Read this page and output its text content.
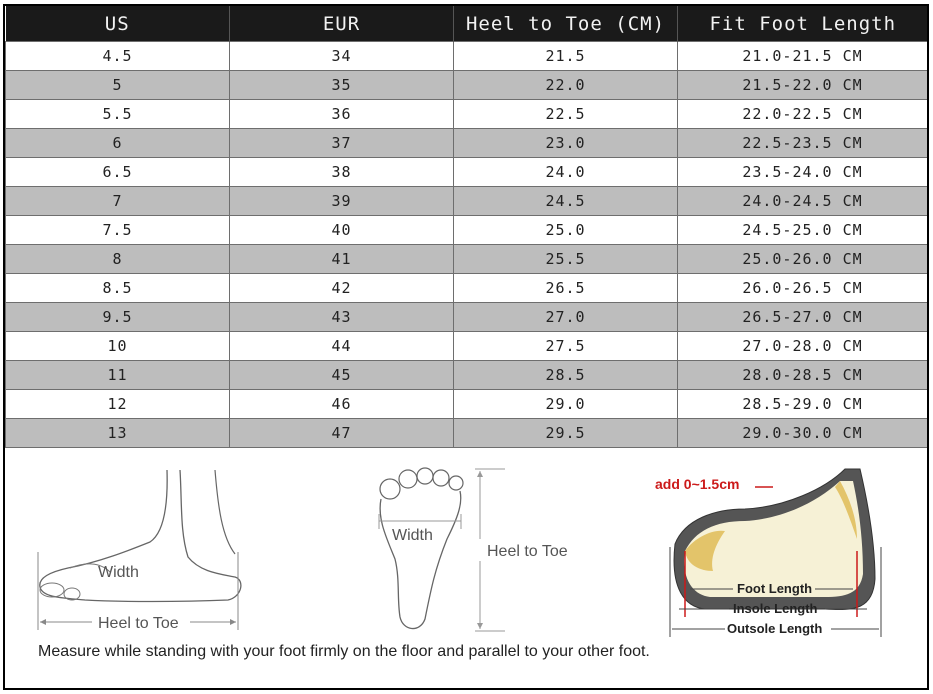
US	EUR	Heel to Toe (CM)	Fit Foot Length
4.5	34	21.5	21.0-21.5 CM
5	35	22.0	21.5-22.0 CM
5.5	36	22.5	22.0-22.5 CM
6	37	23.0	22.5-23.5 CM
6.5	38	24.0	23.5-24.0 CM
7	39	24.5	24.0-24.5 CM
7.5	40	25.0	24.5-25.0 CM
8	41	25.5	25.0-26.0 CM
8.5	42	26.5	26.0-26.5 CM
9.5	43	27.0	26.5-27.0 CM
10	44	27.5	27.0-28.0 CM
11	45	28.5	28.0-28.5 CM
12	46	29.0	28.5-29.0 CM
13	47	29.5	29.0-30.0 CM
Width
Heel to Toe
Width
Heel to Toe
add 0~1.5cm
Foot Length
Insole Length
Outsole Length
Measure while standing with your foot firmly on the floor and parallel to your other foot.
